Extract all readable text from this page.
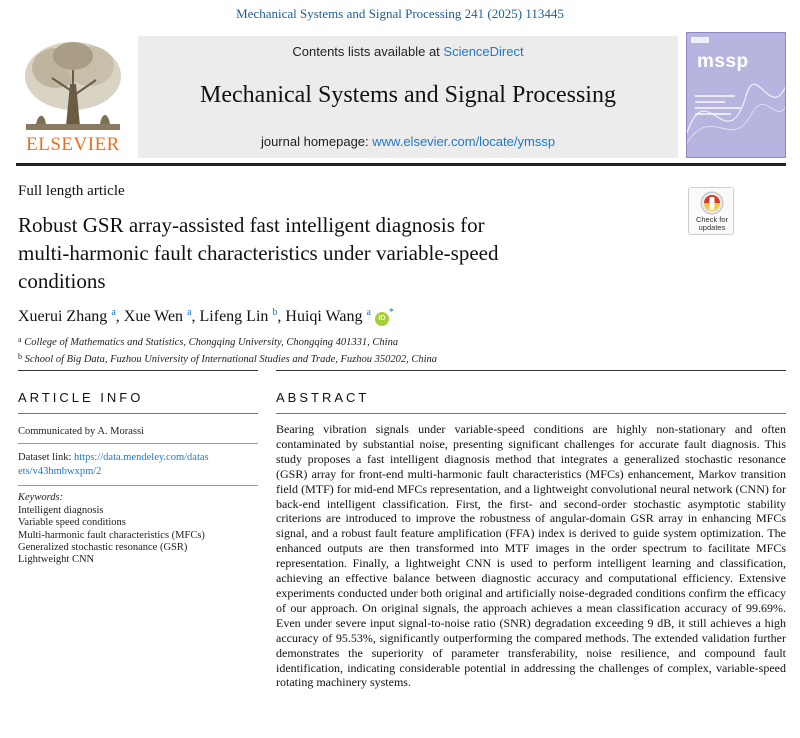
Mechanical Systems and Signal Processing 241 (2025) 113445
ELSEVIER
Contents lists available at ScienceDirect
Mechanical Systems and Signal Processing
journal homepage: www.elsevier.com/locate/ymssp
mssp
Full length article
Robust GSR array-assisted fast intelligent diagnosis for
multi-harmonic fault characteristics under variable-speed
conditions
Check for
updates
Xuerui Zhang $^a$, Xue Wen $^a$, Lifeng Lin $^b$, Huiqi Wang $^a$ iD*
$^a$ College of Mathematics and Statistics, Chongqing University, Chongqing 401331, China
$^b$ School of Big Data, Fuzhou University of International Studies and Trade, Fuzhou 350202, China
ARTICLE INFO	ABSTRACT
Communicated by A. Morassi
Dataset link: https://data.mendeley.com/datas
ets/v43hmbwxpm/2
Keywords:
Intelligent diagnosis
Variable speed conditions
Multi-harmonic fault characteristics (MFCs)
Generalized stochastic resonance (GSR)
Lightweight CNN
Bearing vibration signals under variable-speed conditions are highly non-stationary and often contaminated by substantial noise, presenting significant challenges for accurate fault diagnosis. This study proposes a fast intelligent diagnosis method that integrates a generalized stochastic resonance (GSR) array for front-end multi-harmonic fault characteristics (MFCs) enhancement, Markov transition field (MTF) for mid-end MFCs representation, and a lightweight convolutional neural network (CNN) for back-end intelligent classification. First, the first- and second-order stochastic asymptotic stability criterions are introduced to improve the robustness of angular-domain GSR array in enhancing MFCs signal, and a robust fault feature amplification (FFA) index is derived to guide system optimization. The enhanced outputs are then transformed into MTF images in the order spectrum to facilitate MFCs representation. Finally, a lightweight CNN is used to perform intelligent learning and classification, achieving an effective balance between diagnostic accuracy and computational efficiency. Extensive experiments conducted under both original and artificially noise-degraded conditions confirm the efficacy of our approach. On original signals, the approach achieves a mean classification accuracy of 99.69%. Even under severe input signal-to-noise ratio (SNR) degradation exceeding 9 dB, it still achieves a high accuracy of 95.53%, significantly outperforming the compared methods. The extended validation further demonstrates the superiority of parameter transferability, noise resilience, and compound fault identification, indicating considerable potential in addressing the challenges of complex, variable-speed rotating machinery systems.
